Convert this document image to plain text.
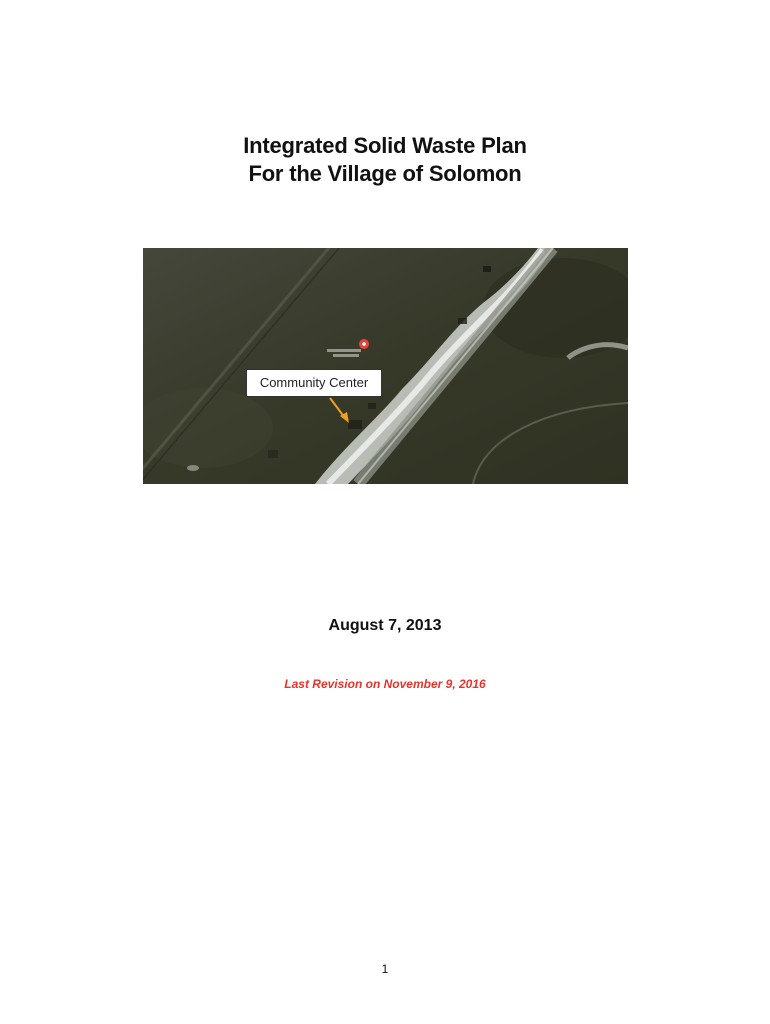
Integrated Solid Waste Plan
For the Village of Solomon
Community Center
August 7, 2013
Last Revision on November 9, 2016
1
